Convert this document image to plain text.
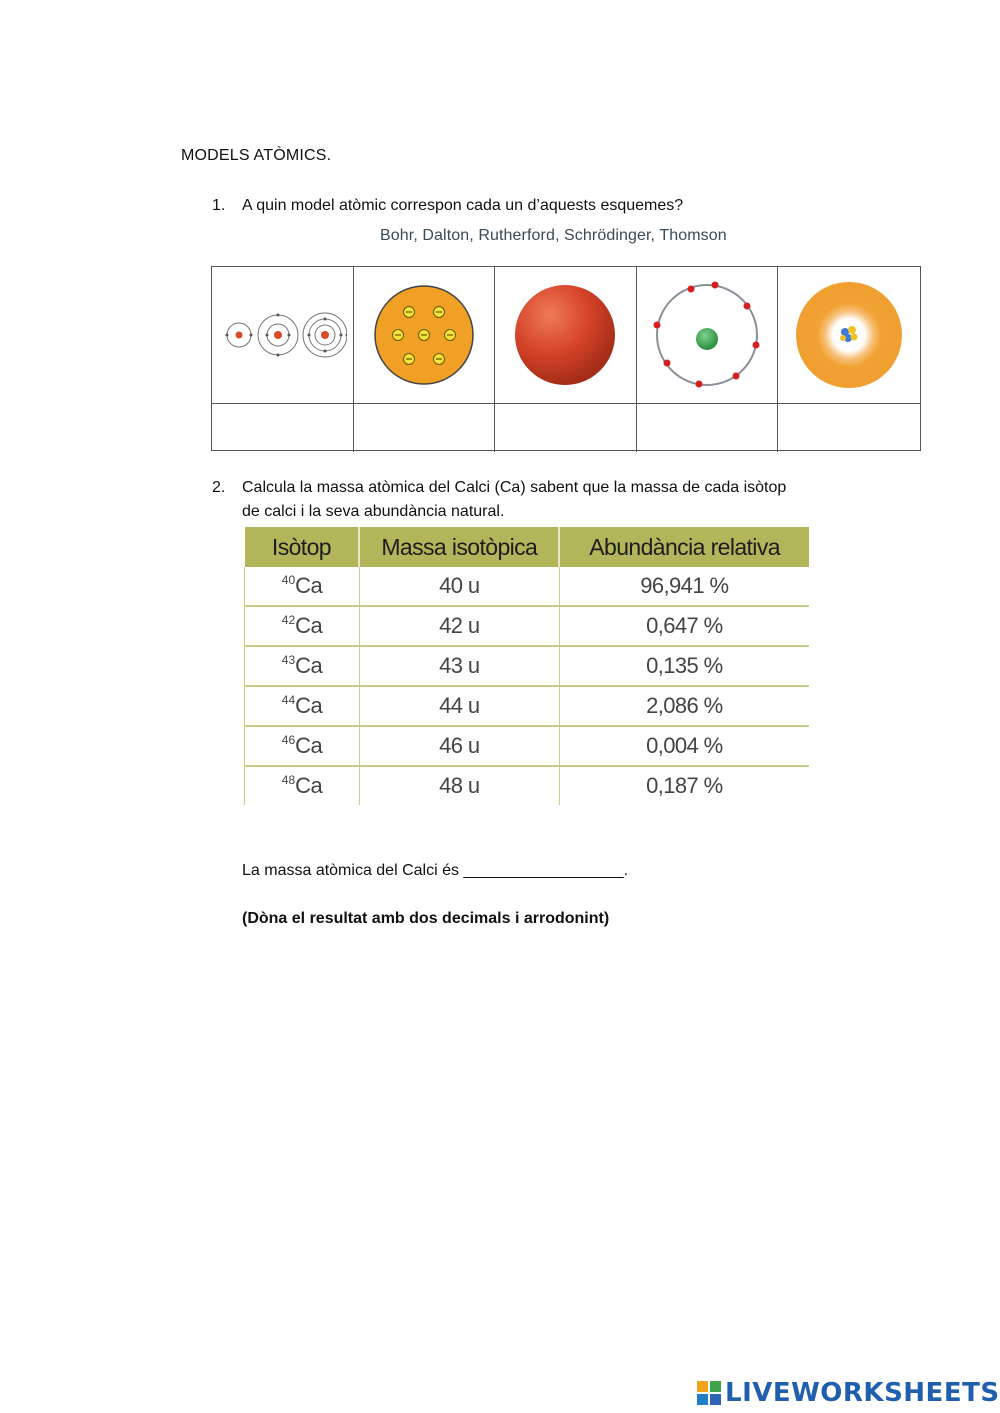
MODELS ATÒMICS.
1. A quin model atòmic correspon cada un d’aquests esquemes?
Bohr, Dalton, Rutherford, Schrödinger, Thomson
2. Calcula la massa atòmica del Calci (Ca) sabent que la massa de cada isòtop
de calci i la seva abundància natural.
Isòtop	Massa isotòpica	Abundància relativa
$^{40}$Ca	40 u	96,941 %
$^{42}$Ca	42 u	0,647 %
$^{43}$Ca	43 u	0,135 %
$^{44}$Ca	44 u	2,086 %
$^{46}$Ca	46 u	0,004 %
$^{48}$Ca	48 u	0,187 %
La massa atòmica del Calci és __________________.
(Dòna el resultat amb dos decimals i arrodonint)
LIVEWORKSHEETS
